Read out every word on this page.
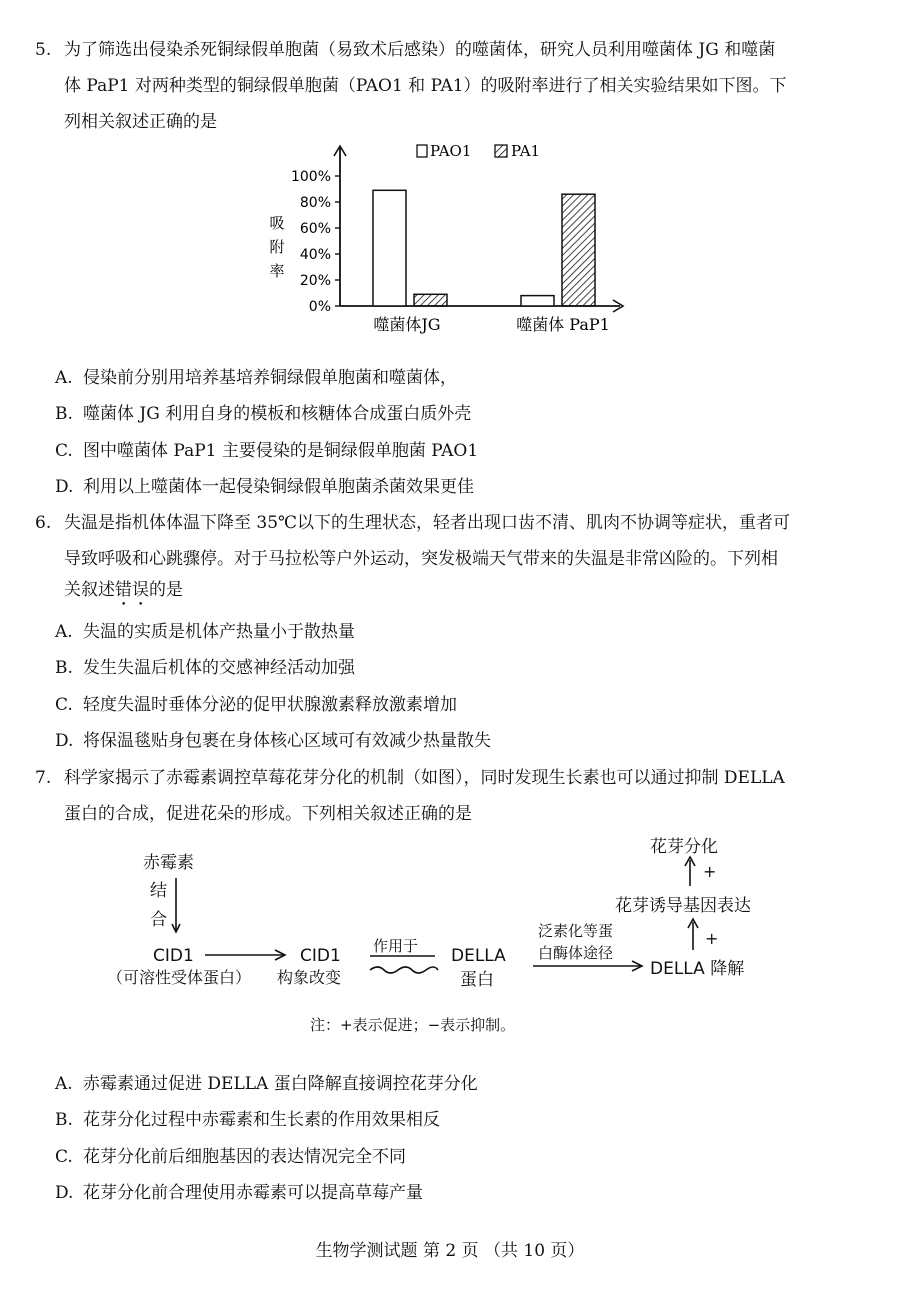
5. 为了筛选出侵染杀死铜绿假单胞菌（易致术后感染）的噬菌体，研究人员利用噬菌体 JG 和噬菌
体 PaP1 对两种类型的铜绿假单胞菌（PAO1 和 PA1）的吸附率进行了相关实验结果如下图。下
列相关叙述正确的是
吸
附
率
100%
80%
60%
40%
20%
0%
噬菌体JG	噬菌体 PaP1
PAO1	PA1
A. 侵染前分别用培养基培养铜绿假单胞菌和噬菌体，
B. 噬菌体 JG 利用自身的模板和核糖体合成蛋白质外壳
C. 图中噬菌体 PaP1 主要侵染的是铜绿假单胞菌 PAO1
D. 利用以上噬菌体一起侵染铜绿假单胞菌杀菌效果更佳
6. 失温是指机体体温下降至 35℃以下的生理状态，轻者出现口齿不清、肌肉不协调等症状，重者可
导致呼吸和心跳骤停。对于马拉松等户外运动，突发极端天气带来的失温是非常凶险的。下列相
关叙述错误的是
A. 失温的实质是机体产热量小于散热量
B. 发生失温后机体的交感神经活动加强
C. 轻度失温时垂体分泌的促甲状腺激素释放激素增加
D. 将保温毯贴身包裹在身体核心区域可有效减少热量散失
7. 科学家揭示了赤霉素调控草莓花芽分化的机制（如图），同时发现生长素也可以通过抑制 DELLA
蛋白的合成，促进花朵的形成。下列相关叙述正确的是
赤霉素
结
合
CID1
（可溶性受体蛋白）
CID1
构象改变
作用于 DELLA
蛋白
泛素化等蛋
白酶体途径
DELLA 降解
花芽诱导基因表达
花芽分化
+
+
注：+表示促进；−表示抑制。
A. 赤霉素通过促进 DELLA 蛋白降解直接调控花芽分化
B. 花芽分化过程中赤霉素和生长素的作用效果相反
C. 花芽分化前后细胞基因的表达情况完全不同
D. 花芽分化前合理使用赤霉素可以提高草莓产量
生物学测试题 第 2 页 （共 10 页）
